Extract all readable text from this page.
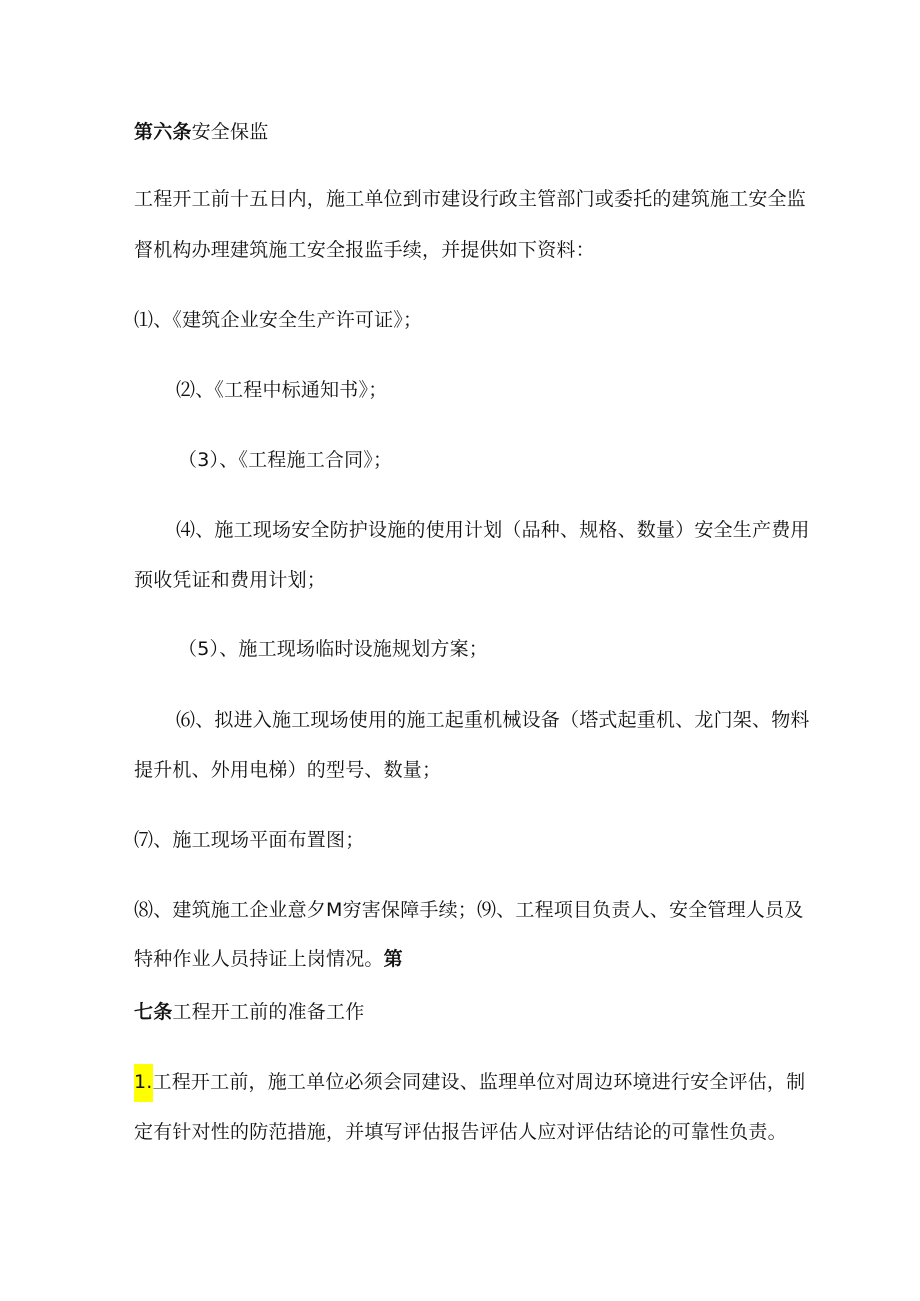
第六条安全保监
工程开工前十五日内，施工单位到市建设行政主管部门或委托的建筑施工安全监
督机构办理建筑施工安全报监手续，并提供如下资料：
⑴、《建筑企业安全生产许可证》；
⑵、《工程中标通知书》；
（3）、《工程施工合同》；
⑷、施工现场安全防护设施的使用计划（品种、规格、数量）安全生产费用
预收凭证和费用计划；
（5）、施工现场临时设施规划方案；
⑹、拟进入施工现场使用的施工起重机械设备（塔式起重机、龙门架、物料
提升机、外用电梯）的型号、数量；
⑺、施工现场平面布置图；
⑻、建筑施工企业意夕M穷害保障手续；⑼、工程项目负责人、安全管理人员及
特种作业人员持证上岗情况。第
七条工程开工前的准备工作
1.工程开工前，施工单位必须会同建设、监理单位对周边环境进行安全评估，制
定有针对性的防范措施，并填写评估报告评估人应对评估结论的可靠性负责。
